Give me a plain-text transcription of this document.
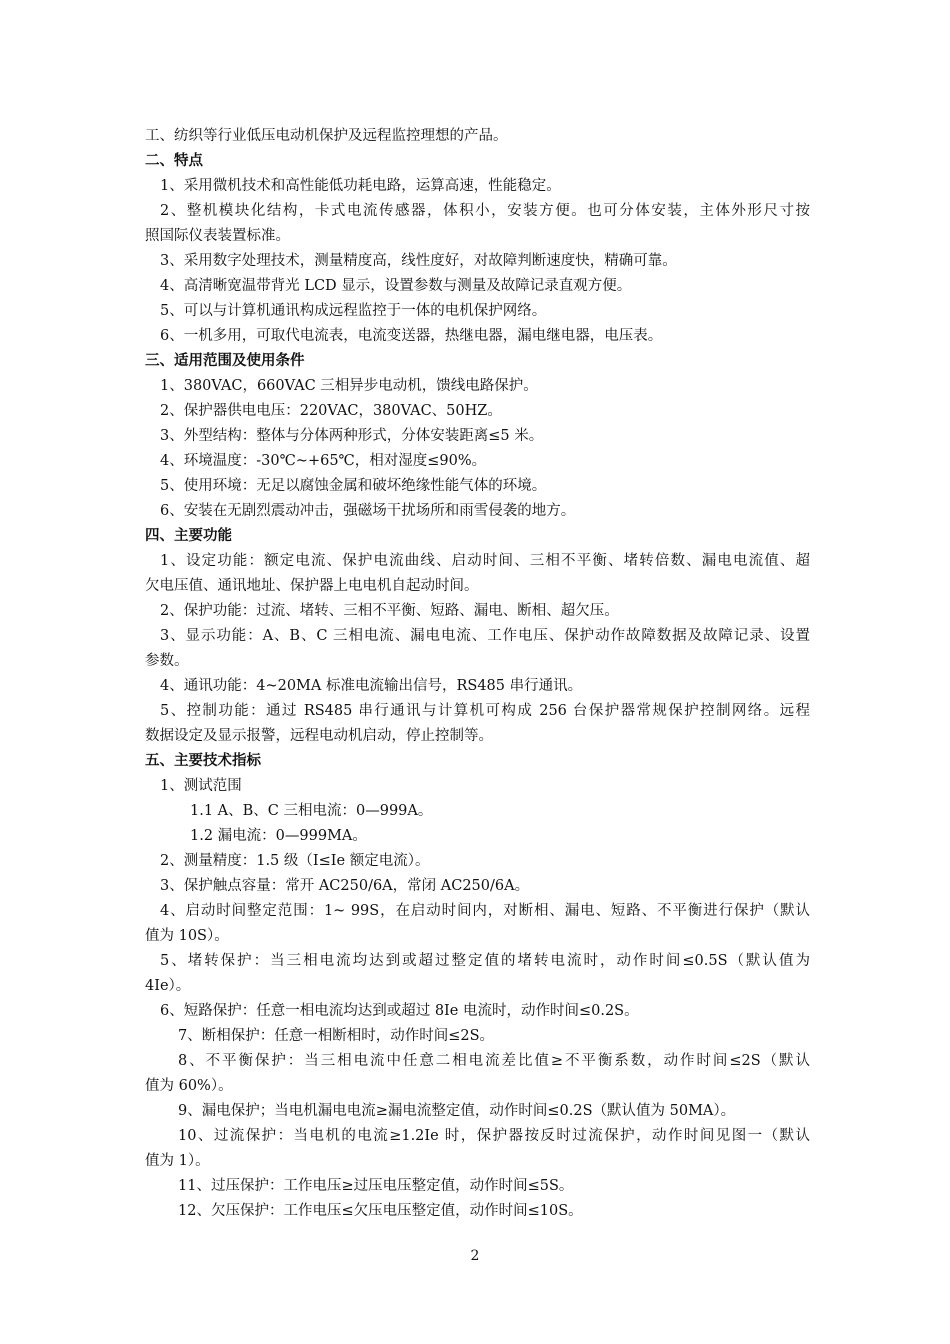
工、纺织等行业低压电动机保护及远程监控理想的产品。
二、特点
1、采用微机技术和高性能低功耗电路，运算高速，性能稳定。
2、整机模块化结构，卡式电流传感器，体积小，安装方便。也可分体安装，主体外形尺寸按
照国际仪表装置标准。
3、采用数字处理技术，测量精度高，线性度好，对故障判断速度快，精确可靠。
4、高清晰宽温带背光 LCD 显示，设置参数与测量及故障记录直观方便。
5、可以与计算机通讯构成远程监控于一体的电机保护网络。
6、一机多用，可取代电流表，电流变送器，热继电器，漏电继电器，电压表。
三、适用范围及使用条件
1、380VAC，660VAC 三相异步电动机，馈线电路保护。
2、保护器供电电压：220VAC，380VAC、50HZ。
3、外型结构：整体与分体两种形式，分体安装距离≤5 米。
4、环境温度：-30℃~+65℃，相对湿度≤90%。
5、使用环境：无足以腐蚀金属和破坏绝缘性能气体的环境。
6、安装在无剧烈震动冲击，强磁场干扰场所和雨雪侵袭的地方。
四、主要功能
1、设定功能：额定电流、保护电流曲线、启动时间、三相不平衡、堵转倍数、漏电电流值、超
欠电压值、通讯地址、保护器上电电机自起动时间。
2、保护功能：过流、堵转、三相不平衡、短路、漏电、断相、超欠压。
3、显示功能：A、B、C 三相电流、漏电电流、工作电压、保护动作故障数据及故障记录、设置
参数。
4、通讯功能：4~20MA 标准电流输出信号，RS485 串行通讯。
5、控制功能：通过 RS485 串行通讯与计算机可构成 256 台保护器常规保护控制网络。远程
数据设定及显示报警，远程电动机启动，停止控制等。
五、主要技术指标
1、测试范围
1.1 A、B、C 三相电流：0—999A。
1.2 漏电流：0—999MA。
2、测量精度：1.5 级（I≤Ie 额定电流）。
3、保护触点容量：常开 AC250/6A，常闭 AC250/6A。
4、启动时间整定范围：1~ 99S，在启动时间内，对断相、漏电、短路、不平衡进行保护（默认
值为 10S）。
5、堵转保护：当三相电流均达到或超过整定值的堵转电流时，动作时间≤0.5S（默认值为
4Ie）。
6、短路保护：任意一相电流均达到或超过 8Ie 电流时，动作时间≤0.2S。
7、断相保护：任意一相断相时，动作时间≤2S。
8、不平衡保护：当三相电流中任意二相电流差比值≥不平衡系数，动作时间≤2S（默认
值为 60%）。
9、漏电保护；当电机漏电电流≥漏电流整定值，动作时间≤0.2S（默认值为 50MA）。
10、过流保护：当电机的电流≥1.2Ie 时，保护器按反时过流保护，动作时间见图一（默认
值为 1）。
11、过压保护：工作电压≥过压电压整定值，动作时间≤5S。
12、欠压保护：工作电压≤欠压电压整定值，动作时间≤10S。
2
